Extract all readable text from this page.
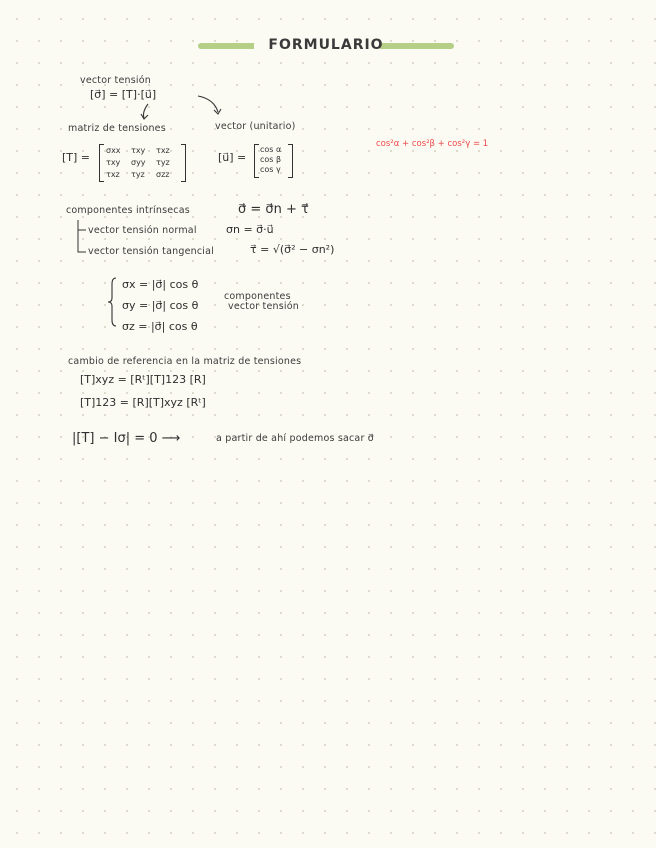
FORMULARIO
vector tensión
[σ⃗] = [T]·[u⃗]
matriz de tensiones
[T] =
σxx τxy τxz
τxy σyy τyz
τxz τyz σzz
vector (unitario)
[u⃗] =
cos α
cos β
cos γ
cos²α + cos²β + cos²γ = 1
componentes intrínsecas	σ⃗ = σ⃗n + τ⃗
vector tensión normal	σn = σ⃗·u⃗
vector tensión tangencial	τ⃗ = √(σ⃗² − σn²)
σx = |σ⃗| cos θ
σy = |σ⃗| cos θ
σz = |σ⃗| cos θ
componentes
vector tensión
cambio de referencia en la matriz de tensiones
[T]xyz = [Rᵗ][T]123 [R]
[T]123 = [R][T]xyz [Rᵗ]
|[T] − Iσ| = 0 ⟶	a partir de ahí podemos sacar σ⃗
